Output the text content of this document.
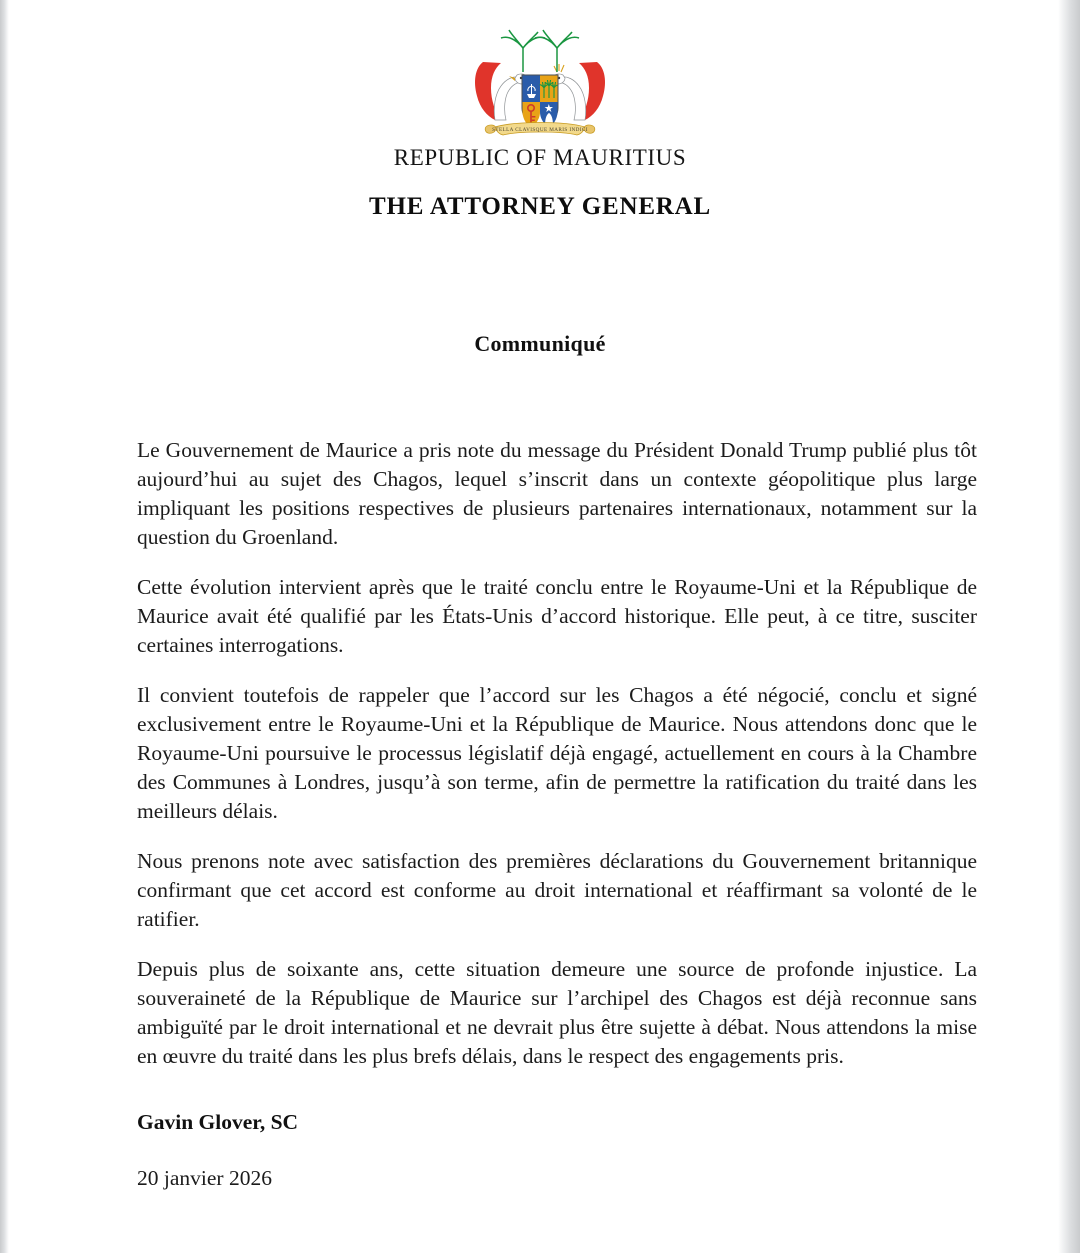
STELLA CLAVISQUE MARIS INDICI
REPUBLIC OF MAURITIUS
THE ATTORNEY GENERAL
Communiqué

Le Gouvernement de Maurice a pris note du message du Président Donald Trump publié plus tôt aujourd’hui au sujet des Chagos, lequel s’inscrit dans un contexte géopolitique plus large impliquant les positions respectives de plusieurs partenaires internationaux, notamment sur la question du Groenland.

Cette évolution intervient après que le traité conclu entre le Royaume-Uni et la République de Maurice avait été qualifié par les États-Unis d’accord historique. Elle peut, à ce titre, susciter certaines interrogations.

Il convient toutefois de rappeler que l’accord sur les Chagos a été négocié, conclu et signé exclusivement entre le Royaume-Uni et la République de Maurice. Nous attendons donc que le Royaume-Uni poursuive le processus législatif déjà engagé, actuellement en cours à la Chambre des Communes à Londres, jusqu’à son terme, afin de permettre la ratification du traité dans les meilleurs délais.

Nous prenons note avec satisfaction des premières déclarations du Gouvernement britannique confirmant que cet accord est conforme au droit international et réaffirmant sa volonté de le ratifier.

Depuis plus de soixante ans, cette situation demeure une source de profonde injustice. La souveraineté de la République de Maurice sur l’archipel des Chagos est déjà reconnue sans ambiguïté par le droit international et ne devrait plus être sujette à débat. Nous attendons la mise en œuvre du traité dans les plus brefs délais, dans le respect des engagements pris.

Gavin Glover, SC

20 janvier 2026
